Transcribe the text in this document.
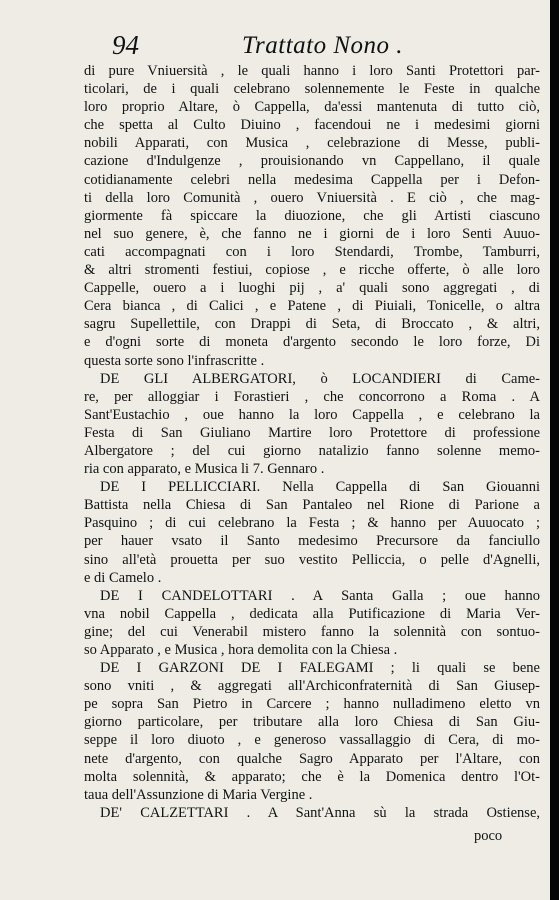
94	Trattato Nono .
di pure Vniuersità , le quali hanno i loro Santi Protettori par-
ticolari, de i quali celebrano solennemente le Feste in qualche
loro proprio Altare, ò Cappella, da'essi mantenuta di tutto ciò,
che spetta al Culto Diuino , facendoui ne i medesimi giorni
nobili Apparati, con Musica , celebrazione di Messe, publi-
cazione d'Indulgenze , prouisionando vn Cappellano, il quale
cotidianamente celebri nella medesima Cappella per i Defon-
ti della loro Comunità , ouero Vniuersità . E ciò , che mag-
giormente fà spiccare la diuozione, che gli Artisti ciascuno
nel suo genere, è, che fanno ne i giorni de i loro Senti Auuo-
cati accompagnati con i loro Stendardi, Trombe, Tamburri,
& altri stromenti festiui, copiose , e ricche offerte, ò alle loro
Cappelle, ouero a i luoghi pij , a' quali sono aggregati , di
Cera bianca , di Calici , e Patene , di Piuiali, Tonicelle, o altra
sagru Supellettile, con Drappi di Seta, di Broccato , & altri,
e d'ogni sorte di moneta d'argento secondo le loro forze, Di
questa sorte sono l'infrascritte .
DE GLI ALBERGATORI, ò LOCANDIERI di Came-
re, per alloggiar i Forastieri , che concorrono a Roma . A
Sant'Eustachio , oue hanno la loro Cappella , e celebrano la
Festa di San Giuliano Martire loro Protettore di professione
Albergatore ; del cui giorno natalizio fanno solenne memo-
ria con apparato, e Musica li 7. Gennaro .
DE I PELLICCIARI. Nella Cappella di San Giouanni
Battista nella Chiesa di San Pantaleo nel Rione di Parione a
Pasquino ; di cui celebrano la Festa ; & hanno per Auuocato ;
per hauer vsato il Santo medesimo Precursore da fanciullo
sino all'età prouetta per suo vestito Pelliccia, o pelle d'Agnelli,
e di Camelo .
DE I CANDELOTTARI . A Santa Galla ; oue hanno
vna nobil Cappella , dedicata alla Putificazione di Maria Ver-
gine; del cui Venerabil mistero fanno la solennità con sontuo-
so Apparato , e Musica , hora demolita con la Chiesa .
DE I GARZONI DE I FALEGAMI ; li quali se bene
sono vniti , & aggregati all'Archiconfraternità di San Giusep-
pe sopra San Pietro in Carcere ; hanno nulladimeno eletto vn
giorno particolare, per tributare alla loro Chiesa di San Giu-
seppe il loro diuoto , e generoso vassallaggio di Cera, di mo-
nete d'argento, con qualche Sagro Apparato per l'Altare, con
molta solennità, & apparato; che è la Domenica dentro l'Ot-
taua dell'Assunzione di Maria Vergine .
DE' CALZETTARI . A Sant'Anna sù la strada Ostiense,
poco
